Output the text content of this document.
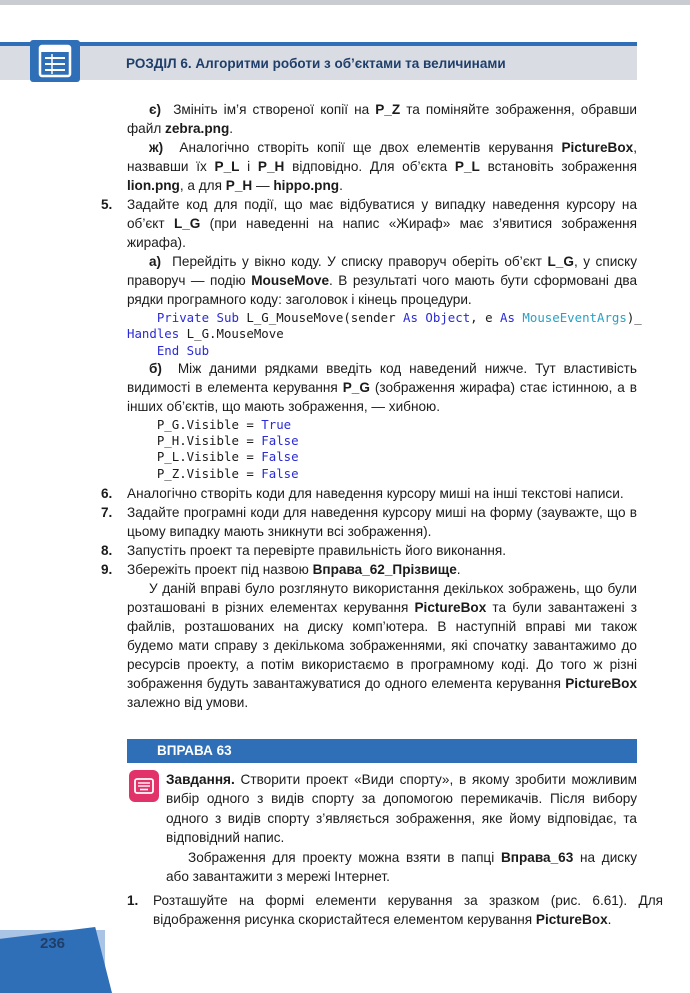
РОЗДІЛ 6. Алгоритми роботи з об’єктами та величинами

є) Змініть ім’я створеної копії на P_Z та поміняйте зображення, обравши файл zebra.png.

ж) Аналогічно створіть копії ще двох елементів керування PictureBox, назвавши їх P_L і P_H відповідно. Для об’єкта P_L встановіть зображення lion.png, а для P_H — hippo.png.

5. Задайте код для події, що має відбуватися у випадку наведення курсору на об’єкт L_G (при наведенні на напис «Жираф» має з’явитися зображення жирафа).

а) Перейдіть у вікно коду. У списку праворуч оберіть об’єкт L_G, у списку праворуч — подію MouseMove. В результаті чого мають бути сформовані два рядки програмного коду: заголовок і кінець процедури.

Private Sub L_G_MouseMove(sender As Object, e As MouseEventArgs)_

Handles L_G.MouseMove

End Sub

б) Між даними рядками введіть код наведений нижче. Тут властивість видимості в елемента керування P_G (зображення жирафа) стає істинною, а в інших об’єктів, що мають зображення, — хибною.

P_G.Visible = True

P_H.Visible = False

P_L.Visible = False

P_Z.Visible = False

6. Аналогічно створіть коди для наведення курсору миші на інші текстові написи.

7. Задайте програмні коди для наведення курсору миші на форму (зауважте, що в цьому випадку мають зникнути всі зображення).

8. Запустіть проект та перевірте правильність його виконання.

9. Збережіть проект під назвою Вправа_62_Прізвище.

У даній вправі було розглянуто використання декількох зображень, що були розташовані в різних елементах керування PictureBox та були завантажені з файлів, розташованих на диску комп’ютера. В наступній вправі ми також будемо мати справу з декількома зображеннями, які спочатку завантажимо до ресурсів проекту, а потім використаємо в програмному коді. До того ж різні зображення будуть завантажуватися до одного елемента керування PictureBox залежно від умови.

ВПРАВА 63

Завдання. Створити проект «Види спорту», в якому зробити можливим вибір одного з видів спорту за допомогою перемикачів. Після вибору одного з видів спорту з’являється зображення, яке йому відповідає, та відповідний напис.

Зображення для проекту можна взяти в папці Вправа_63 на диску або завантажити з мережі Інтернет.

1. Розташуйте на формі елементи керування за зразком (рис. 6.61). Для відображення рисунка скористайтеся елементом керування PictureBox.

236
